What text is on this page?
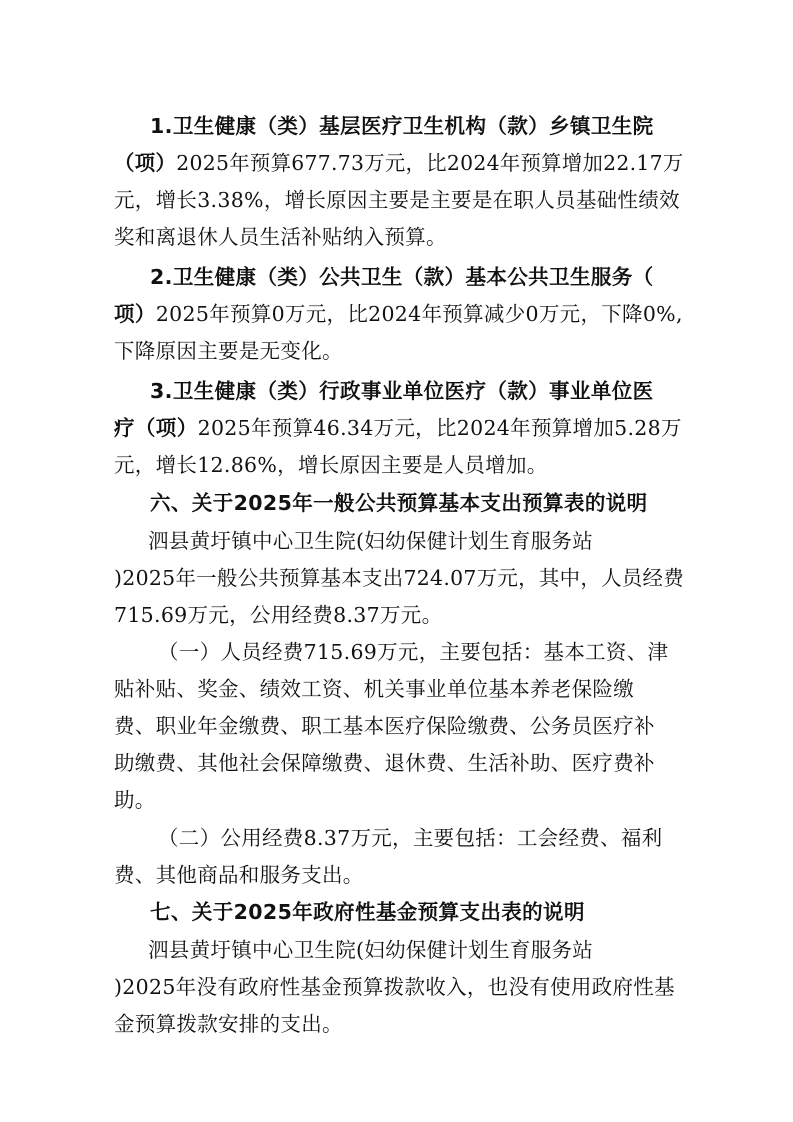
1.卫生健康（类）基层医疗卫生机构（款）乡镇卫生院
（项）2025年预算677.73万元，比2024年预算增加22.17万
元，增长3.38%，增长原因主要是主要是在职人员基础性绩效
奖和离退休人员生活补贴纳入预算。
2.卫生健康（类）公共卫生（款）基本公共卫生服务（
项）2025年预算0万元，比2024年预算减少0万元，下降0%,
下降原因主要是无变化。
3.卫生健康（类）行政事业单位医疗（款）事业单位医
疗（项）2025年预算46.34万元，比2024年预算增加5.28万
元，增长12.86%，增长原因主要是人员增加。
六、关于2025年一般公共预算基本支出预算表的说明
泗县黄圩镇中心卫生院(妇幼保健计划生育服务站
)2025年一般公共预算基本支出724.07万元，其中，人员经费
715.69万元，公用经费8.37万元。
（一）人员经费715.69万元，主要包括：基本工资、津
贴补贴、奖金、绩效工资、机关事业单位基本养老保险缴
费、职业年金缴费、职工基本医疗保险缴费、公务员医疗补
助缴费、其他社会保障缴费、退休费、生活补助、医疗费补
助。
（二）公用经费8.37万元，主要包括：工会经费、福利
费、其他商品和服务支出。
七、关于2025年政府性基金预算支出表的说明
泗县黄圩镇中心卫生院(妇幼保健计划生育服务站
)2025年没有政府性基金预算拨款收入，也没有使用政府性基
金预算拨款安排的支出。
